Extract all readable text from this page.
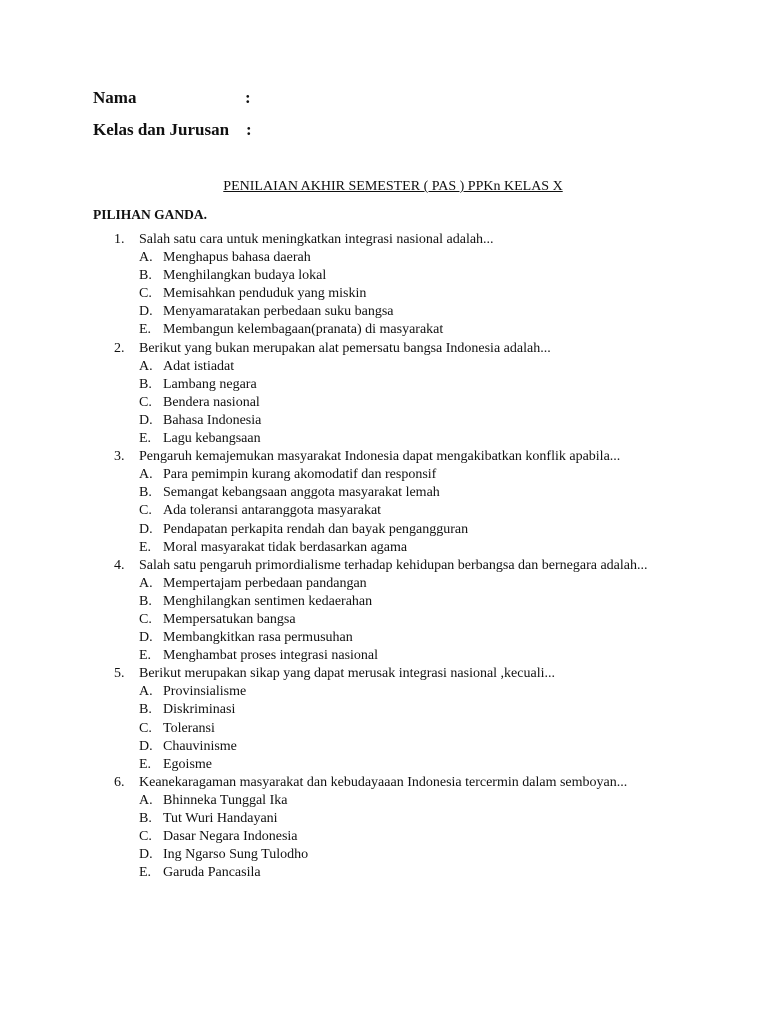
Nama	:
Kelas dan Jurusan :
PENILAIAN AKHIR SEMESTER ( PAS ) PPKn KELAS X
PILIHAN GANDA.
1. Salah satu cara untuk meningkatkan integrasi nasional adalah...
A. Menghapus bahasa daerah
B. Menghilangkan budaya lokal
C. Memisahkan penduduk yang miskin
D. Menyamaratakan perbedaan suku bangsa
E. Membangun kelembagaan(pranata) di masyarakat
2. Berikut yang bukan merupakan alat pemersatu bangsa Indonesia adalah...
A. Adat istiadat
B. Lambang negara
C. Bendera nasional
D. Bahasa Indonesia
E. Lagu kebangsaan
3. Pengaruh kemajemukan masyarakat Indonesia dapat mengakibatkan konflik apabila...
A. Para pemimpin kurang akomodatif dan responsif
B. Semangat kebangsaan anggota masyarakat lemah
C. Ada toleransi antaranggota masyarakat
D. Pendapatan perkapita rendah dan bayak pengangguran
E. Moral masyarakat tidak berdasarkan agama
4. Salah satu pengaruh primordialisme terhadap kehidupan berbangsa dan bernegara adalah...
A. Mempertajam perbedaan pandangan
B. Menghilangkan sentimen kedaerahan
C. Mempersatukan bangsa
D. Membangkitkan rasa permusuhan
E. Menghambat proses integrasi nasional
5. Berikut merupakan sikap yang dapat merusak integrasi nasional ,kecuali...
A. Provinsialisme
B. Diskriminasi
C. Toleransi
D. Chauvinisme
E. Egoisme
6. Keanekaragaman masyarakat dan kebudayaaan Indonesia tercermin dalam semboyan...
A. Bhinneka Tunggal Ika
B. Tut Wuri Handayani
C. Dasar Negara Indonesia
D. Ing Ngarso Sung Tulodho
E. Garuda Pancasila
